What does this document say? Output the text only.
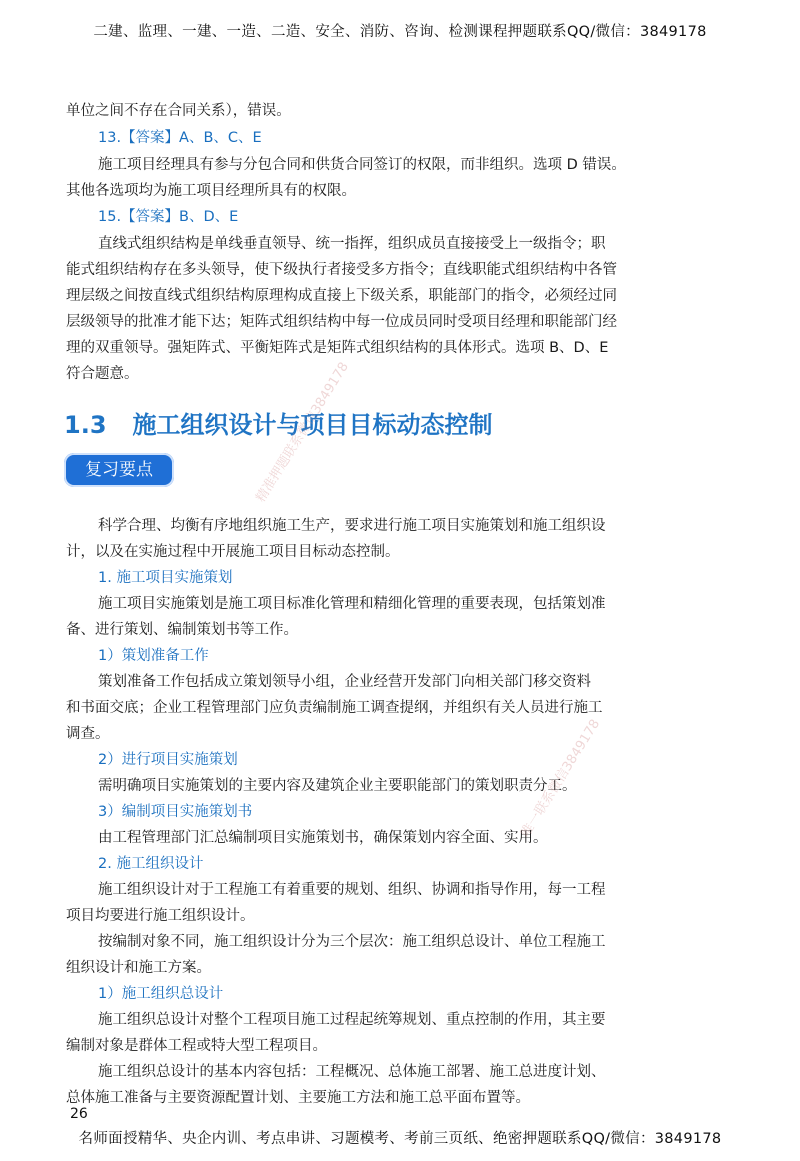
二建、监理、一建、一造、二造、安全、消防、咨询、检测课程押题联系QQ/微信：3849178
单位之间不存在合同关系），错误。
13.【答案】A、B、C、E
施工项目经理具有参与分包合同和供货合同签订的权限，而非组织。选项 D 错误。
其他各选项均为施工项目经理所具有的权限。
15.【答案】B、D、E
直线式组织结构是单线垂直领导、统一指挥，组织成员直接接受上一级指令；职
能式组织结构存在多头领导，使下级执行者接受多方指令；直线职能式组织结构中各管
理层级之间按直线式组织结构原理构成直接上下级关系，职能部门的指令，必须经过同
层级领导的批准才能下达；矩阵式组织结构中每一位成员同时受项目经理和职能部门经
理的双重领导。强矩阵式、平衡矩阵式是矩阵式组织结构的具体形式。选项 B、D、E
符合题意。
1.3 施工组织设计与项目目标动态控制
复习要点
科学合理、均衡有序地组织施工生产，要求进行施工项目实施策划和施工组织设
计，以及在实施过程中开展施工项目目标动态控制。
1. 施工项目实施策划
施工项目实施策划是施工项目标准化管理和精细化管理的重要表现，包括策划准
备、进行策划、编制策划书等工作。
1）策划准备工作
策划准备工作包括成立策划领导小组，企业经营开发部门向相关部门移交资料
和书面交底；企业工程管理部门应负责编制施工调查提纲，并组织有关人员进行施工
调查。
2）进行项目实施策划
需明确项目实施策划的主要内容及建筑企业主要职能部门的策划职责分工。
3）编制项目实施策划书
由工程管理部门汇总编制项目实施策划书，确保策划内容全面、实用。
2. 施工组织设计
施工组织设计对于工程施工有着重要的规划、组织、协调和指导作用，每一工程
项目均要进行施工组织设计。
按编制对象不同，施工组织设计分为三个层次：施工组织总设计、单位工程施工
组织设计和施工方案。
1）施工组织总设计
施工组织总设计对整个工程项目施工过程起统筹规划、重点控制的作用，其主要
编制对象是群体工程或特大型工程项目。
施工组织总设计的基本内容包括：工程概况、总体施工部署、施工总进度计划、
总体施工准备与主要资源配置计划、主要施工方法和施工总平面布置等。
精准押题联系微信3849178
唯一联系微信3849178
26
名师面授精华、央企内训、考点串讲、习题模考、考前三页纸、绝密押题联系QQ/微信：3849178
